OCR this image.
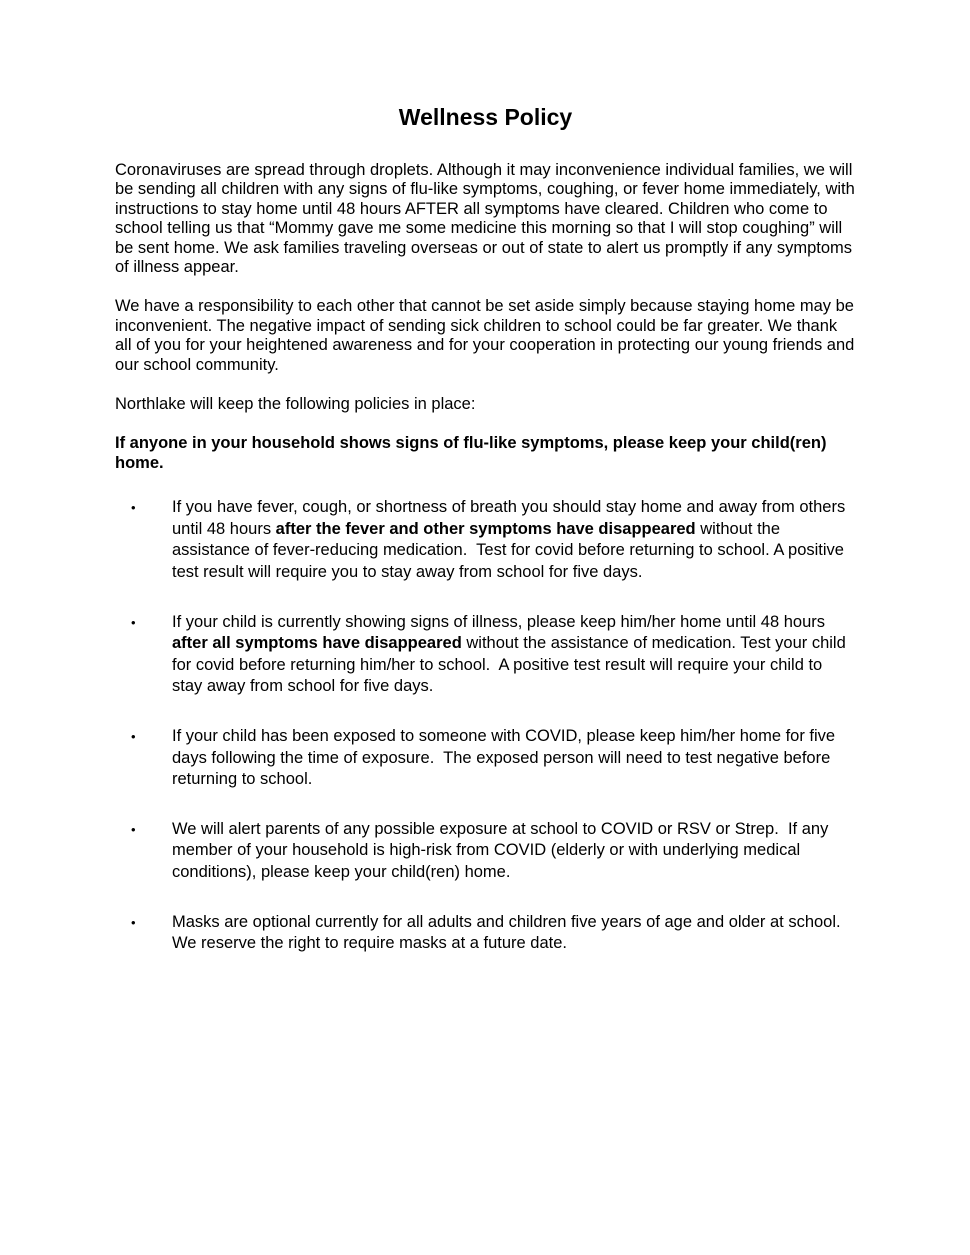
Wellness Policy

Coronaviruses are spread through droplets. Although it may inconvenience individual families, we will be sending all children with any signs of flu-like symptoms, coughing, or fever home immediately, with instructions to stay home until 48 hours AFTER all symptoms have cleared. Children who come to school telling us that “Mommy gave me some medicine this morning so that I will stop coughing” will be sent home. We ask families traveling overseas or out of state to alert us promptly if any symptoms of illness appear.

We have a responsibility to each other that cannot be set aside simply because staying home may be inconvenient. The negative impact of sending sick children to school could be far greater. We thank all of you for your heightened awareness and for your cooperation in protecting our young friends and our school community.

Northlake will keep the following policies in place:

If anyone in your household shows signs of flu-like symptoms, please keep your child(ren) home.

• If you have fever, cough, or shortness of breath you should stay home and away from others until 48 hours after the fever and other symptoms have disappeared without the assistance of fever-reducing medication.  Test for covid before returning to school. A positive test result will require you to stay away from school for five days.
• If your child is currently showing signs of illness, please keep him/her home until 48 hours after all symptoms have disappeared without the assistance of medication. Test your child for covid before returning him/her to school.  A positive test result will require your child to stay away from school for five days.
• If your child has been exposed to someone with COVID, please keep him/her home for five days following the time of exposure.  The exposed person will need to test negative before returning to school.
• We will alert parents of any possible exposure at school to COVID or RSV or Strep.  If any member of your household is high-risk from COVID (elderly or with underlying medical conditions), please keep your child(ren) home.
• Masks are optional currently for all adults and children five years of age and older at school.  We reserve the right to require masks at a future date.
